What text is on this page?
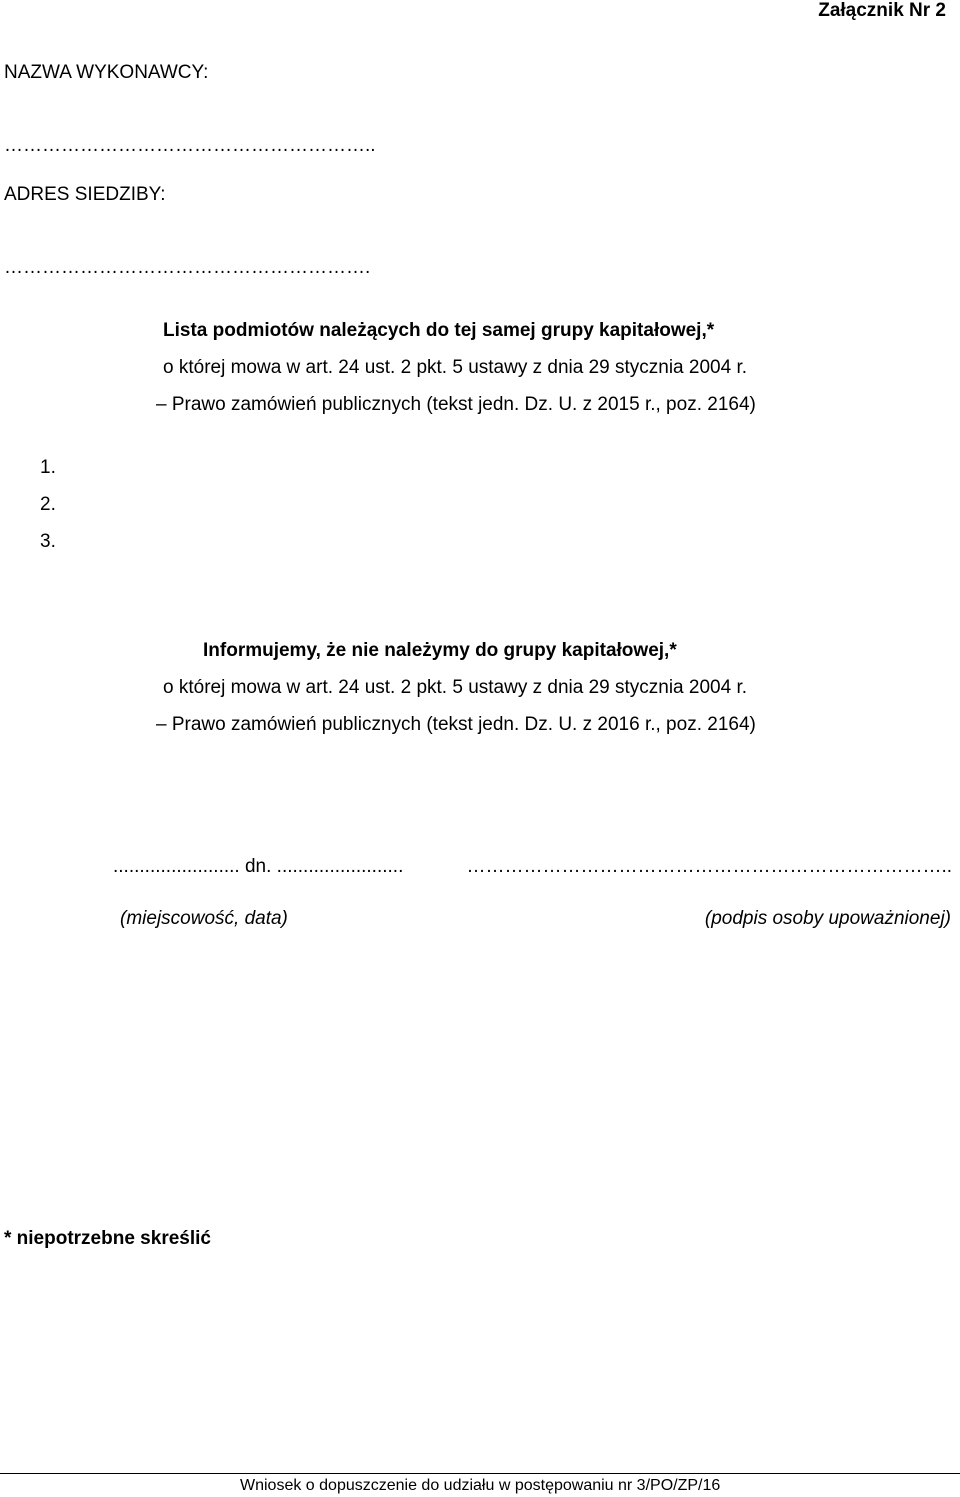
Załącznik Nr 2
NAZWA WYKONAWCY:
…………………………………………………..
ADRES SIEDZIBY:
………………………………………………….
Lista podmiotów należących do tej samej grupy kapitałowej,*
o której mowa w art. 24 ust. 2 pkt. 5 ustawy z dnia 29 stycznia 2004 r.
– Prawo zamówień publicznych (tekst jedn. Dz. U. z 2015 r., poz. 2164)
1.
2.
3.
Informujemy, że nie należymy do grupy kapitałowej,*
o której mowa w art. 24 ust. 2 pkt. 5 ustawy z dnia 29 stycznia 2004 r.
– Prawo zamówień publicznych (tekst jedn. Dz. U. z 2016 r., poz. 2164)
........................ dn. ........................
(miejscowość, data)
…………………………………………………………………..
(podpis osoby upoważnionej)
* niepotrzebne skreślić
Wniosek o dopuszczenie do udziału w postępowaniu nr 3/PO/ZP/16
